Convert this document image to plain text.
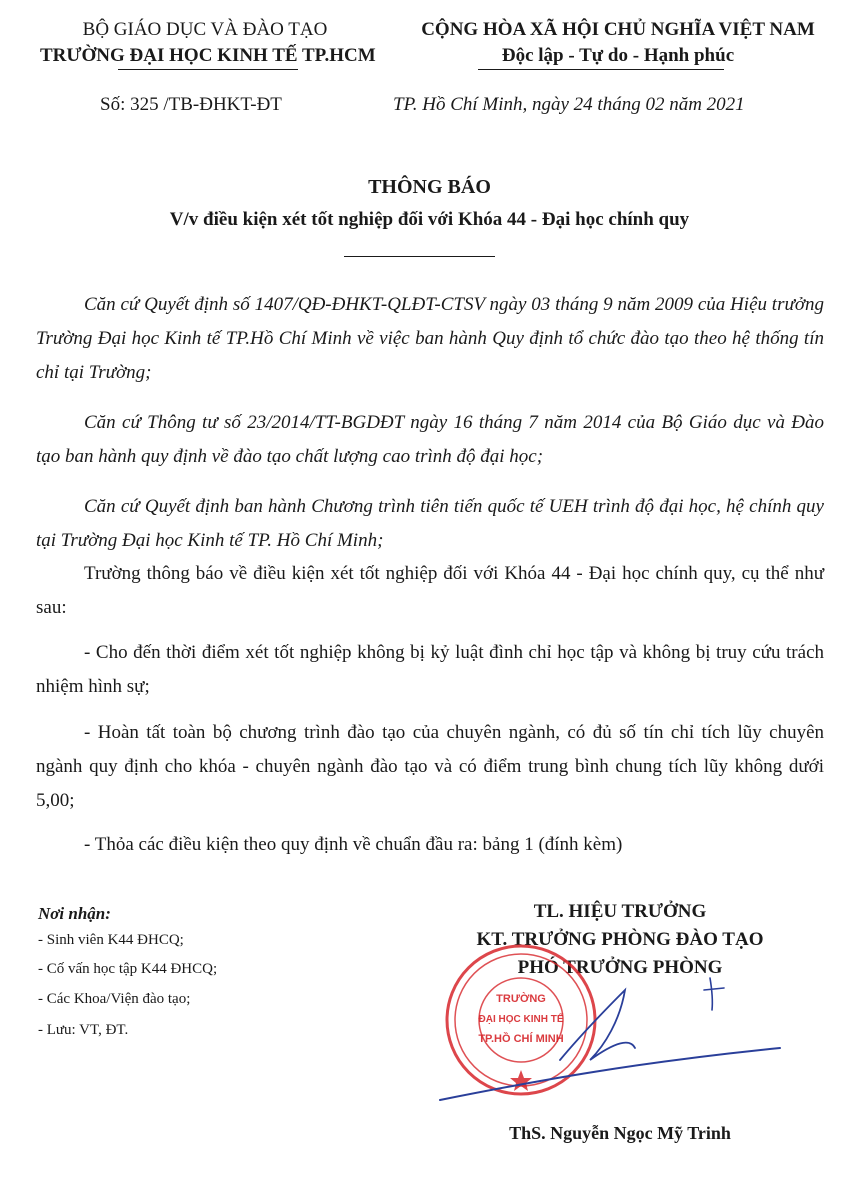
BỘ GIÁO DỤC VÀ ĐÀO TẠO
TRƯỜNG ĐẠI HỌC KINH TẾ TP.HCM
CỘNG HÒA XÃ HỘI CHỦ NGHĨA VIỆT NAM
Độc lập - Tự do - Hạnh phúc
Số: 325 /TB-ĐHKT-ĐT	TP. Hồ Chí Minh, ngày 24 tháng 02 năm 2021
THÔNG BÁO
V/v điều kiện xét tốt nghiệp đối với Khóa 44 - Đại học chính quy
Căn cứ Quyết định số 1407/QĐ-ĐHKT-QLĐT-CTSV ngày 03 tháng 9 năm 2009 của Hiệu trưởng Trường Đại học Kinh tế TP.Hồ Chí Minh về việc ban hành Quy định tổ chức đào tạo theo hệ thống tín chỉ tại Trường;
Căn cứ Thông tư số 23/2014/TT-BGDĐT ngày 16 tháng 7 năm 2014 của Bộ Giáo dục và Đào tạo ban hành quy định về đào tạo chất lượng cao trình độ đại học;
Căn cứ Quyết định ban hành Chương trình tiên tiến quốc tế UEH trình độ đại học, hệ chính quy tại Trường Đại học Kinh tế TP. Hồ Chí Minh;
Trường thông báo về điều kiện xét tốt nghiệp đối với Khóa 44 - Đại học chính quy, cụ thể như sau:
- Cho đến thời điểm xét tốt nghiệp không bị kỷ luật đình chỉ học tập và không bị truy cứu trách nhiệm hình sự;
- Hoàn tất toàn bộ chương trình đào tạo của chuyên ngành, có đủ số tín chỉ tích lũy chuyên ngành quy định cho khóa - chuyên ngành đào tạo và có điểm trung bình chung tích lũy không dưới 5,00;
- Thỏa các điều kiện theo quy định về chuẩn đầu ra: bảng 1 (đính kèm)
Nơi nhận:
- Sinh viên K44 ĐHCQ;
- Cố vấn học tập K44 ĐHCQ;
- Các Khoa/Viện đào tạo;
- Lưu: VT, ĐT.
TL. HIỆU TRƯỞNG
KT. TRƯỞNG PHÒNG ĐÀO TẠO
PHÓ TRƯỞNG PHÒNG
TRƯỜNG
ĐẠI HỌC KINH TẾ
TP.HỒ CHÍ MINH
ThS. Nguyễn Ngọc Mỹ Trinh
